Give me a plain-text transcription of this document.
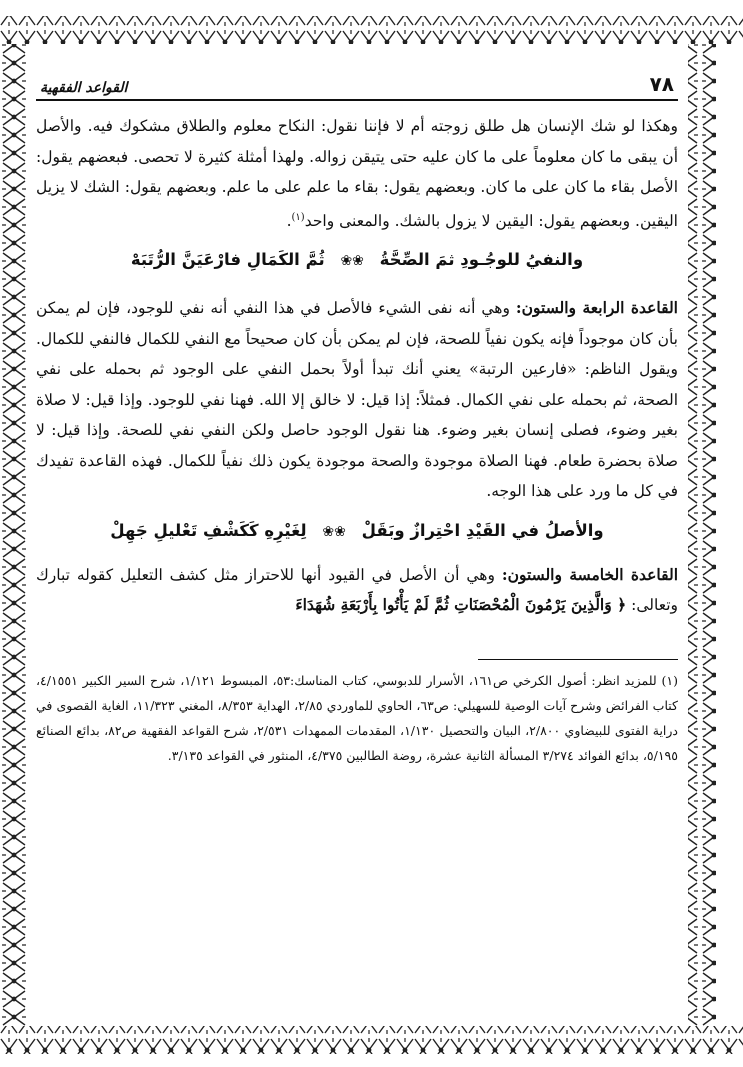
٧٨
القواعد الفقهية

وهكذا لو شك الإنسان هل طلق زوجته أم لا فإننا نقول: النكاح معلوم والطلاق مشكوك فيه. والأصل أن يبقى ما كان معلوماً على ما كان عليه حتى يتيقن زواله. ولهذا أمثلة كثيرة لا تحصى. فبعضهم يقول: الأصل بقاء ما كان على ما كان. وبعضهم يقول: بقاء ما علم على ما علم. وبعضهم يقول: الشك لا يزيل اليقين. وبعضهم يقول: اليقين لا يزول بالشك. والمعنى واحد$^{(١)}$.

والنفيُ للوجُـودِ ثمَ الصِّحَّةُ ❀❀ ثُمَّ الكَمَالِ فارْعَيَنَّ الرُّتَبَهْ

القاعدة الرابعة والستون: وهي أنه نفى الشيء فالأصل في هذا النفي أنه نفي للوجود، فإن لم يمكن بأن كان موجوداً فإنه يكون نفياً للصحة، فإن لم يمكن بأن كان صحيحاً مع النفي للكمال فالنفي للكمال. ويقول الناظم: «فارعين الرتبة» يعني أنك تبدأ أولاً بحمل النفي على الوجود ثم بحمله على نفي الصحة، ثم بحمله على نفي الكمال. فمثلاً: إذا قيل: لا خالق إلا الله. فهنا نفي للوجود. وإذا قيل: لا صلاة بغير وضوء، فصلى إنسان بغير وضوء. هنا نقول الوجود حاصل ولكن النفي نفي للصحة. وإذا قيل: لا صلاة بحضرة طعام. فهنا الصلاة موجودة والصحة موجودة يكون ذلك نفياً للكمال. فهذه القاعدة تفيدك في كل ما ورد على هذا الوجه.

والأصلُ في القَيْدِ احْتِرازٌ وبَقَلْ ❀❀ لِغَيْرِهِ كَكَشْفِ تَعْليلِ جَهِلْ

القاعدة الخامسة والستون: وهي أن الأصل في القيود أنها للاحتراز مثل كشف التعليل كقوله تبارك وتعالى: ﴿ وَالَّذِينَ يَرْمُونَ الْمُحْصَنَاتِ ثُمَّ لَمْ يَأْتُوا بِأَرْبَعَةِ شُهَدَاءَ

(١) للمزيد انظر: أصول الكرخي ص١٦١، الأسرار للدبوسي، كتاب المناسك:٥٣، المبسوط ١/١٢١، شرح السير الكبير ٤/١٥٥١، كتاب الفرائض وشرح آيات الوصية للسهيلي: ص٦٣، الحاوي للماوردي ٢/٨٥، الهداية ٨/٣٥٣، المغني ١١/٣٢٣، الغاية القصوى في دراية الفتوى للبيضاوي ٢/٨٠٠، البيان والتحصيل ١/١٣٠، المقدمات الممهدات ٢/٥٣١، شرح القواعد الفقهية ص٨٢، بدائع الصنائع ٥/١٩٥، بدائع الفوائد ٣/٢٧٤ المسألة الثانية عشرة، روضة الطالبين ٤/٣٧٥، المنثور في القواعد ٣/١٣٥.
